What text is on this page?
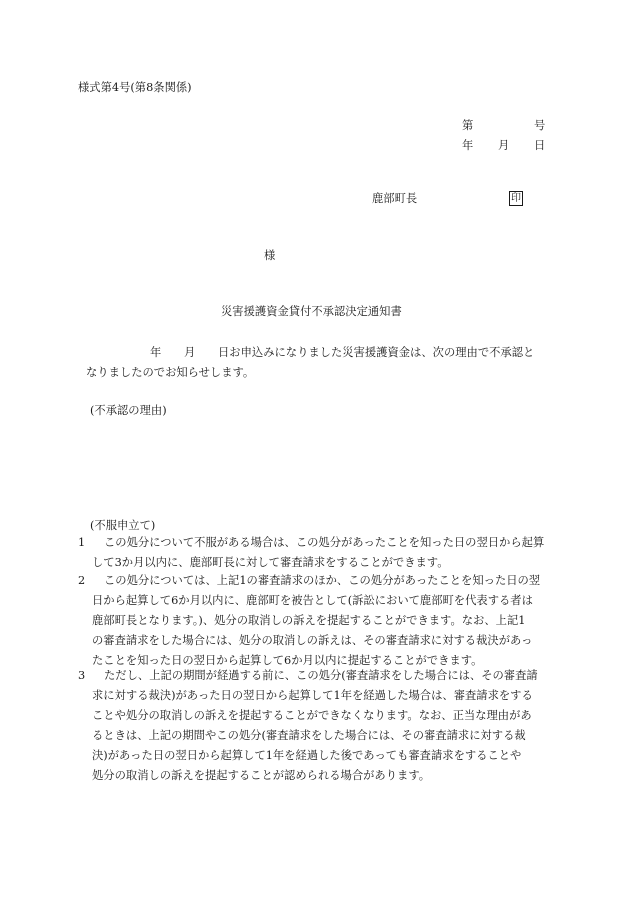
様式第4号(第8条関係)
第	号
年 月 日
鹿部町長	印
様
災害援護資金貸付不承認決定通知書
年 月 日お申込みになりました災害援護資金は、次の理由で不承認と

なりましたのでお知らせします。
(不承認の理由)
(不服申立て)
1	この処分について不服がある場合は、この処分があったことを知った日の翌日から起算
して3か月以内に、鹿部町長に対して審査請求をすることができます。
2	この処分については、上記1の審査請求のほか、この処分があったことを知った日の翌
日から起算して6か月以内に、鹿部町を被告として(訴訟において鹿部町を代表する者は
鹿部町長となります。)、処分の取消しの訴えを提起することができます。なお、上記1
の審査請求をした場合には、処分の取消しの訴えは、その審査請求に対する裁決があっ
たことを知った日の翌日から起算して6か月以内に提起することができます。
3	ただし、上記の期間が経過する前に、この処分(審査請求をした場合には、その審査請
求に対する裁決)があった日の翌日から起算して1年を経過した場合は、審査請求をする
ことや処分の取消しの訴えを提起することができなくなります。なお、正当な理由があ
るときは、上記の期間やこの処分(審査請求をした場合には、その審査請求に対する裁
決)があった日の翌日から起算して1年を経過した後であっても審査請求をすることや
処分の取消しの訴えを提起することが認められる場合があります。
